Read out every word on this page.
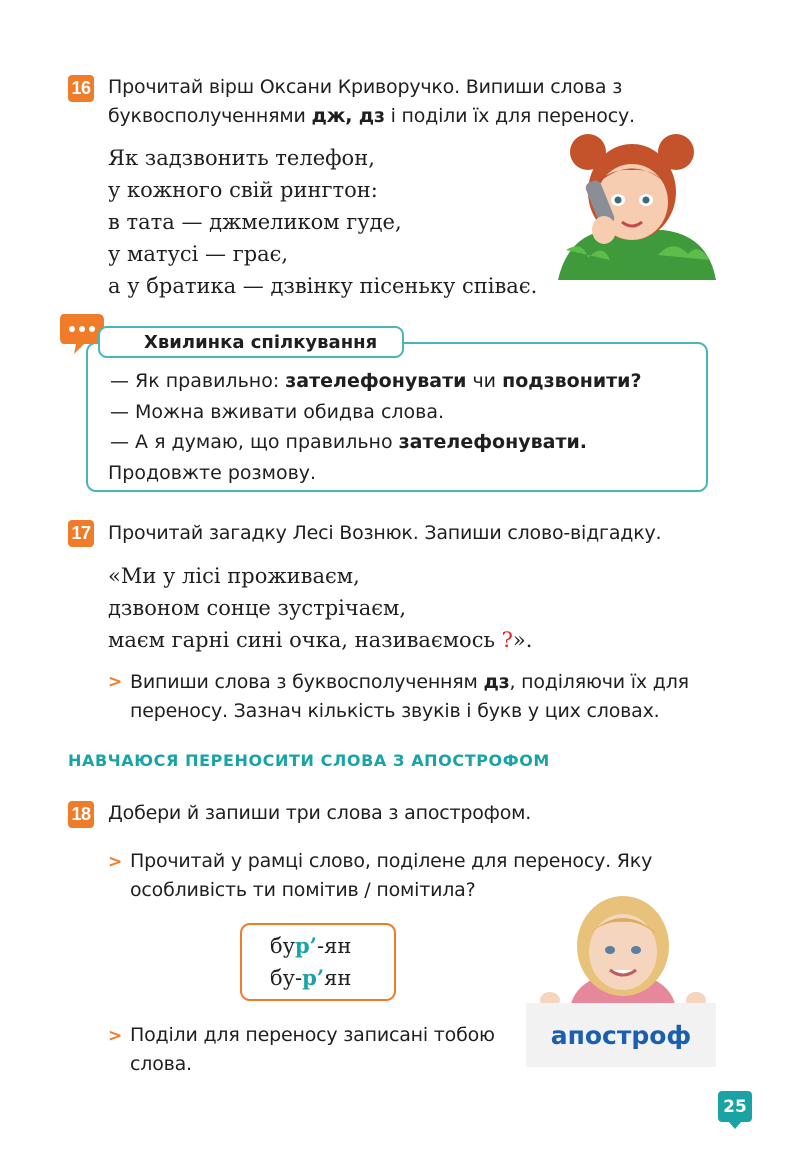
16 Прочитай вірш Оксани Криворучко. Випиши слова з
буквосполученнями дж, дз і поділи їх для переносу.
Як задзвонить телефон,
у кожного свій рингтон:
в тата — джмеликом гуде,
у матусі — грає,
а у братика — дзвінку пісеньку співає.
Хвилинка спілкування
— Як правильно: зателефонувати чи подзвонити?
— Можна вживати обидва слова.
— А я думаю, що правильно зателефонувати.
Продовжте розмову.
17 Прочитай загадку Лесі Вознюк. Запиши слово-відгадку.
«Ми у лісі проживаєм,
дзвоном сонце зустрічаєм,
маєм гарні сині очка, називаємось ?».
> Випиши слова з буквосполученням дз, поділяючи їх для
переносу. Зазнач кількість звуків і букв у цих словах.
НАВЧАЮСЯ ПЕРЕНОСИТИ СЛОВА З АПОСТРОФОМ
18 Добери й запиши три слова з апострофом.
> Прочитай у рамці слово, поділене для переносу. Яку
особливість ти помітив / помітила?
бур’-ян
бу-р’ян
> Поділи для переносу записані тобою
слова.
апостроф
25
